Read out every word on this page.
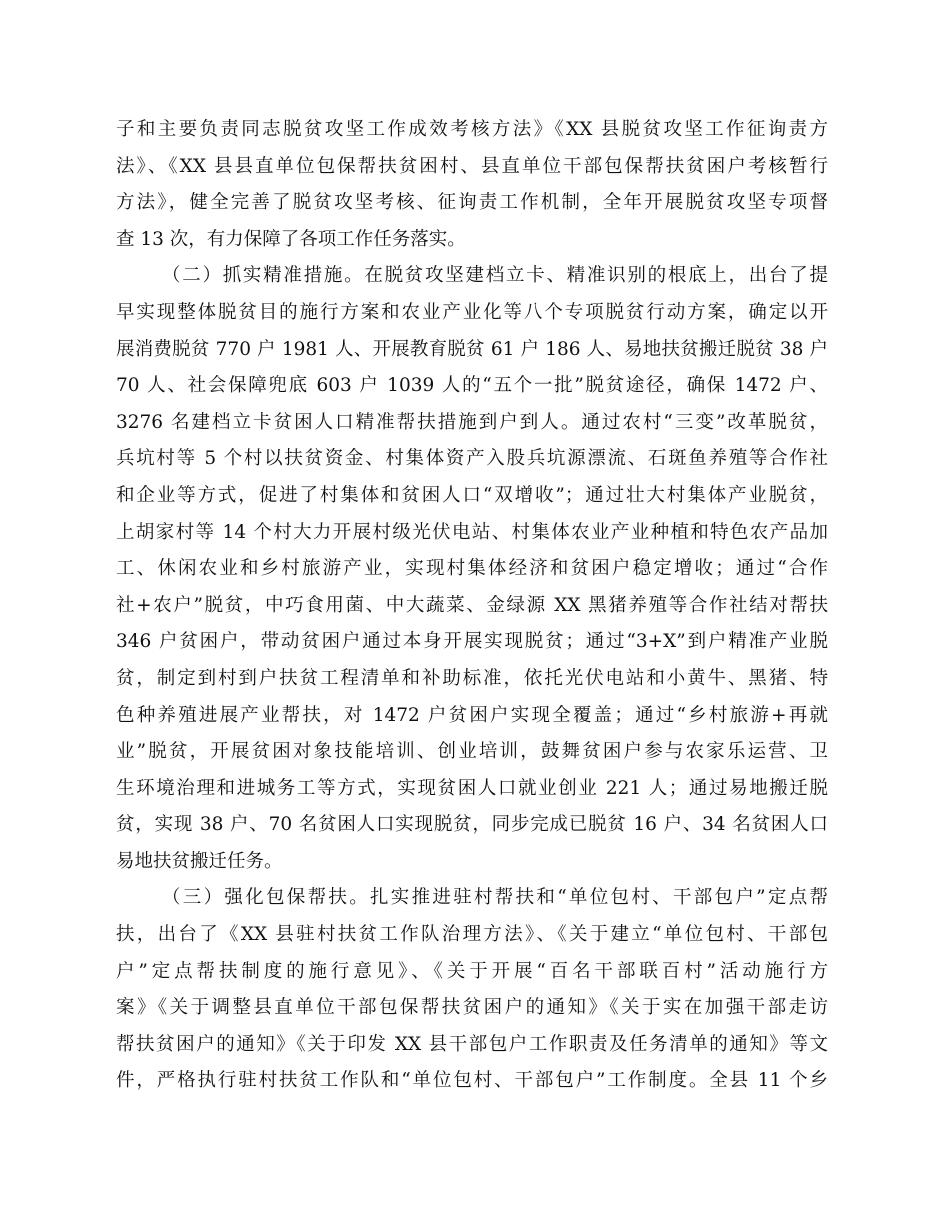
子和主要负责同志脱贫攻坚工作成效考核方法》《XX 县脱贫攻坚工作征询责方
法》、《XX 县县直单位包保帮扶贫困村、县直单位干部包保帮扶贫困户考核暂行
方法》，健全完善了脱贫攻坚考核、征询责工作机制，全年开展脱贫攻坚专项督
查 13 次，有力保障了各项工作任务落实。
（二）抓实精准措施。在脱贫攻坚建档立卡、精准识别的根底上，出台了提
早实现整体脱贫目的施行方案和农业产业化等八个专项脱贫行动方案，确定以开
展消费脱贫 770 户 1981 人、开展教育脱贫 61 户 186 人、易地扶贫搬迁脱贫 38 户
70 人、社会保障兜底 603 户 1039 人的“五个一批”脱贫途径，确保 1472 户、
3276 名建档立卡贫困人口精准帮扶措施到户到人。通过农村“三变”改革脱贫，
兵坑村等 5 个村以扶贫资金、村集体资产入股兵坑源漂流、石斑鱼养殖等合作社
和企业等方式，促进了村集体和贫困人口“双增收”；通过壮大村集体产业脱贫，
上胡家村等 14 个村大力开展村级光伏电站、村集体农业产业种植和特色农产品加
工、休闲农业和乡村旅游产业，实现村集体经济和贫困户稳定增收；通过“合作
社+农户”脱贫，中巧食用菌、中大蔬菜、金绿源 XX 黑猪养殖等合作社结对帮扶
346 户贫困户，带动贫困户通过本身开展实现脱贫；通过“3+X”到户精准产业脱
贫，制定到村到户扶贫工程清单和补助标准，依托光伏电站和小黄牛、黑猪、特
色种养殖进展产业帮扶，对 1472 户贫困户实现全覆盖；通过“乡村旅游+再就
业”脱贫，开展贫困对象技能培训、创业培训，鼓舞贫困户参与农家乐运营、卫
生环境治理和进城务工等方式，实现贫困人口就业创业 221 人；通过易地搬迁脱
贫，实现 38 户、70 名贫困人口实现脱贫，同步完成已脱贫 16 户、34 名贫困人口
易地扶贫搬迁任务。
（三）强化包保帮扶。扎实推进驻村帮扶和“单位包村、干部包户”定点帮
扶，出台了《XX 县驻村扶贫工作队治理方法》、《关于建立“单位包村、干部包
户”定点帮扶制度的施行意见》、《关于开展“百名干部联百村”活动施行方
案》《关于调整县直单位干部包保帮扶贫困户的通知》《关于实在加强干部走访
帮扶贫困户的通知》《关于印发 XX 县干部包户工作职责及任务清单的通知》等文
件，严格执行驻村扶贫工作队和“单位包村、干部包户”工作制度。全县 11 个乡
